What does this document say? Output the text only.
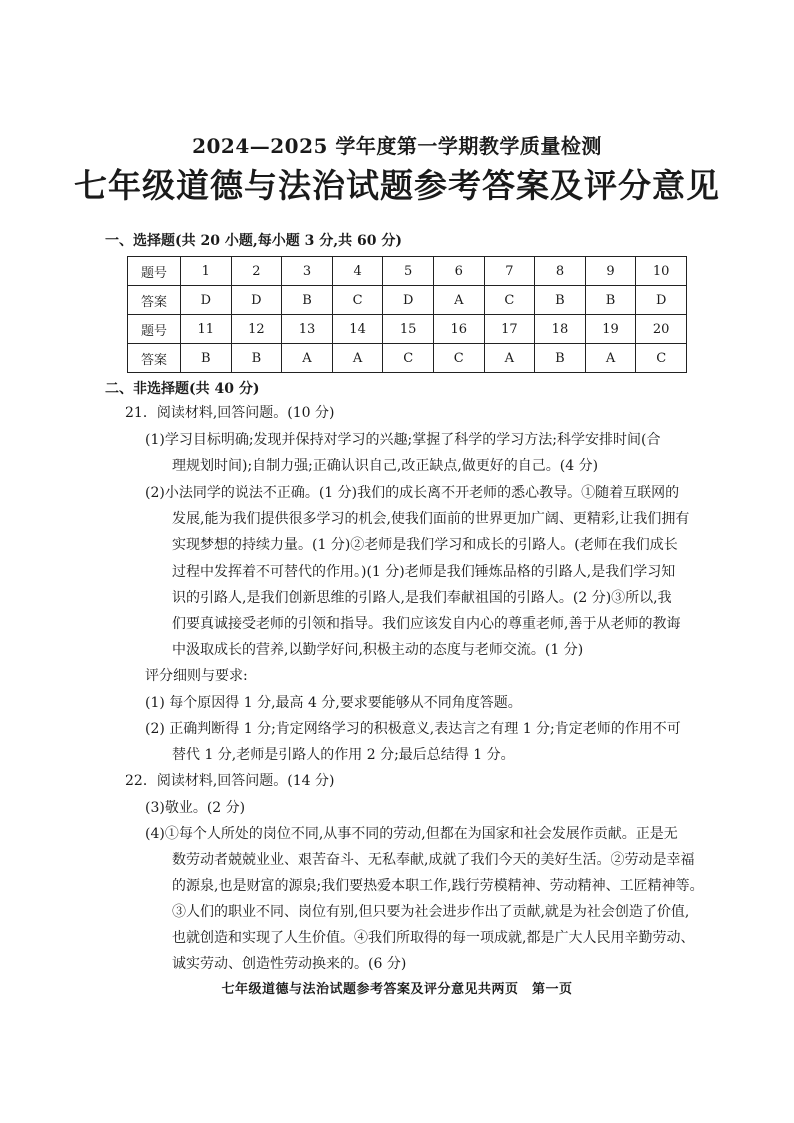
2024—2025 学年度第一学期教学质量检测
七年级道德与法治试题参考答案及评分意见
一、选择题(共 20 小题,每小题 3 分,共 60 分)
题号	1	2	3	4	5	6	7	8	9	10
答案	D	D	B	C	D	A	C	B	B	D
题号	11	12	13	14	15	16	17	18	19	20
答案	B	B	A	A	C	C	A	B	A	C
二、非选择题(共 40 分)
21．阅读材料,回答问题。(10 分)
(1)学习目标明确;发现并保持对学习的兴趣;掌握了科学的学习方法;科学安排时间(合
理规划时间);自制力强;正确认识自己,改正缺点,做更好的自己。(4 分)
(2)小法同学的说法不正确。(1 分)我们的成长离不开老师的悉心教导。①随着互联网的
发展,能为我们提供很多学习的机会,使我们面前的世界更加广阔、更精彩,让我们拥有
实现梦想的持续力量。(1 分)②老师是我们学习和成长的引路人。(老师在我们成长
过程中发挥着不可替代的作用。)(1 分)老师是我们锤炼品格的引路人,是我们学习知
识的引路人,是我们创新思维的引路人,是我们奉献祖国的引路人。(2 分)③所以,我
们要真诚接受老师的引领和指导。我们应该发自内心的尊重老师,善于从老师的教诲
中汲取成长的营养,以勤学好问,积极主动的态度与老师交流。(1 分)
评分细则与要求:
(1) 每个原因得 1 分,最高 4 分,要求要能够从不同角度答题。
(2) 正确判断得 1 分;肯定网络学习的积极意义,表达言之有理 1 分;肯定老师的作用不可
替代 1 分,老师是引路人的作用 2 分;最后总结得 1 分。
22．阅读材料,回答问题。(14 分)
(3)敬业。(2 分)
(4)①每个人所处的岗位不同,从事不同的劳动,但都在为国家和社会发展作贡献。正是无
数劳动者兢兢业业、艰苦奋斗、无私奉献,成就了我们今天的美好生活。②劳动是幸福
的源泉,也是财富的源泉;我们要热爱本职工作,践行劳模精神、劳动精神、工匠精神等。
③人们的职业不同、岗位有别,但只要为社会进步作出了贡献,就是为社会创造了价值,
也就创造和实现了人生价值。④我们所取得的每一项成就,都是广大人民用辛勤劳动、
诚实劳动、创造性劳动换来的。(6 分)
七年级道德与法治试题参考答案及评分意见共两页　第一页
